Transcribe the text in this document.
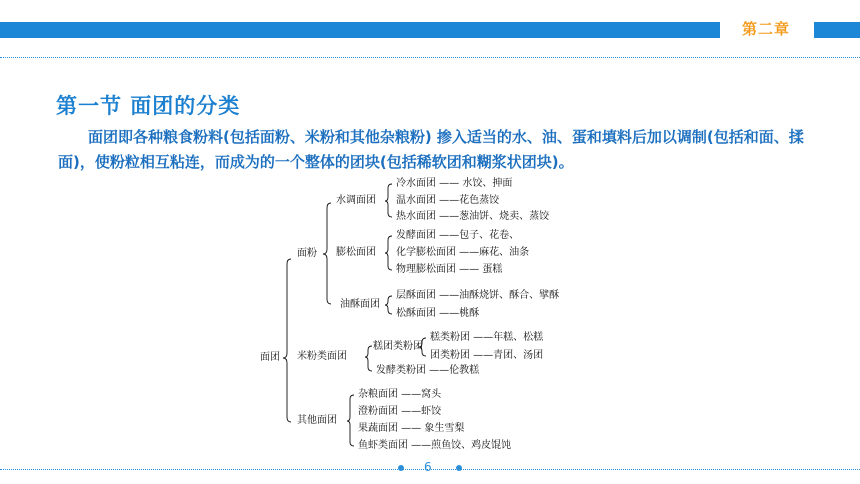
第二章
第一节 面团的分类
面团即各种粮食粉料(包括面粉、米粉和其他杂粮粉) 掺入适当的水、油、蛋和填料后加以调制(包括和面、揉面)，使粉粒相互粘连，而成为的一个整体的团块(包括稀软团和糊浆状团块)。
面团
面粉
水调面团
冷水面团 —— 水饺、抻面
温水面团 ——花色蒸饺
热水面团 ——葱油饼、烧卖、蒸饺
膨松面团
发酵面团 ——包子、花卷、
化学膨松面团 ——麻花、油条
物理膨松面团 —— 蛋糕
油酥面团
层酥面团 ——油酥烧饼、酥合、擘酥
松酥面团 ——桃酥
米粉类面团
糕团类粉团
糕类粉团 ——年糕、松糕
团类粉团 ——青团、汤团
发酵类粉团 ——伦教糕
其他面团
杂粮面团 ——窝头
澄粉面团 ——虾饺
果蔬面团 —— 象生雪梨
鱼虾类面团 ——煎鱼饺、鸡皮馄饨
6
